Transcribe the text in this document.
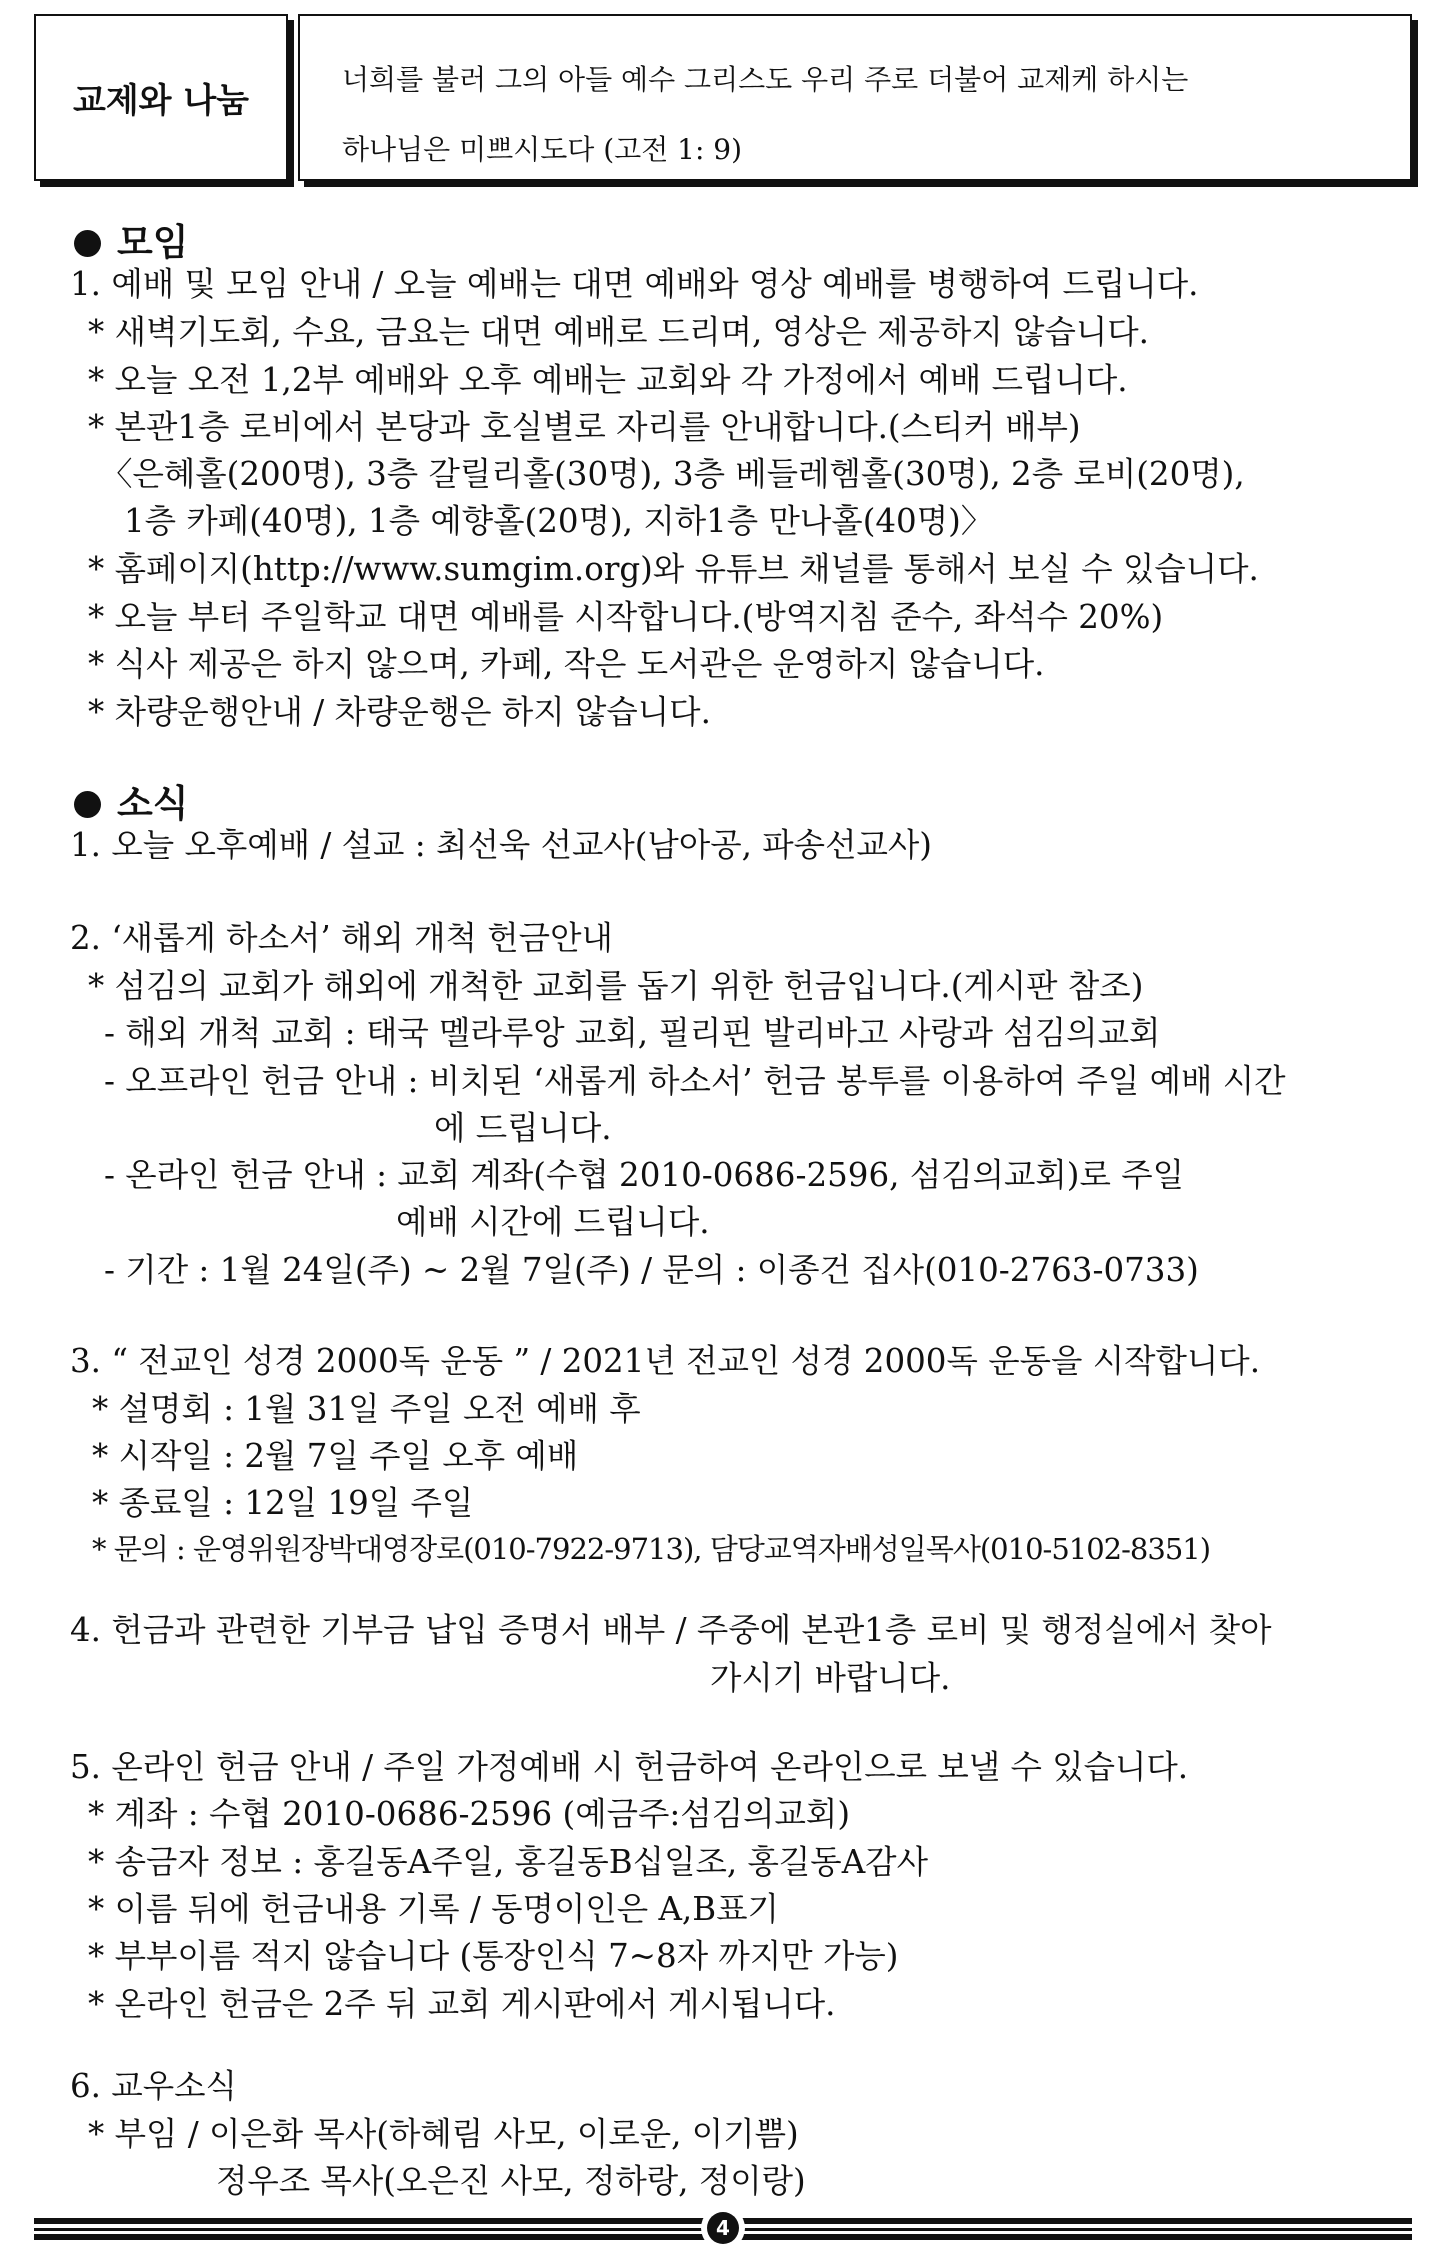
교제와 나눔
너희를 불러 그의 아들 예수 그리스도 우리 주로 더불어 교제케 하시는
하나님은 미쁘시도다 (고전 1: 9)
모임
1. 예배 및 모임 안내 / 오늘 예배는 대면 예배와 영상 예배를 병행하여 드립니다.
* 새벽기도회, 수요, 금요는 대면 예배로 드리며, 영상은 제공하지 않습니다.
* 오늘 오전 1,2부 예배와 오후 예배는 교회와 각 가정에서 예배 드립니다.
* 본관1층 로비에서 본당과 호실별로 자리를 안내합니다.(스티커 배부)
〈은혜홀(200명), 3층 갈릴리홀(30명), 3층 베들레헴홀(30명), 2층 로비(20명),
1층 카페(40명), 1층 예향홀(20명), 지하1층 만나홀(40명)〉
* 홈페이지(http://www.sumgim.org)와 유튜브 채널를 통해서 보실 수 있습니다.
* 오늘 부터 주일학교 대면 예배를 시작합니다.(방역지침 준수, 좌석수 20%)
* 식사 제공은 하지 않으며, 카페, 작은 도서관은 운영하지 않습니다.
* 차량운행안내 / 차량운행은 하지 않습니다.
소식
1. 오늘 오후예배 / 설교 : 최선욱 선교사(남아공, 파송선교사)
2. ‘새롭게 하소서’ 해외 개척 헌금안내
* 섬김의 교회가 해외에 개척한 교회를 돕기 위한 헌금입니다.(게시판 참조)
- 해외 개척 교회 : 태국 멜라루앙 교회, 필리핀 발리바고 사랑과 섬김의교회
- 오프라인 헌금 안내 : 비치된 ‘새롭게 하소서’ 헌금 봉투를 이용하여 주일 예배 시간
에 드립니다.
- 온라인 헌금 안내 : 교회 계좌(수협 2010-0686-2596, 섬김의교회)로 주일
예배 시간에 드립니다.
- 기간 : 1월 24일(주) ~ 2월 7일(주) / 문의 : 이종건 집사(010-2763-0733)
3. “ 전교인 성경 2000독 운동 ” / 2021년 전교인 성경 2000독 운동을 시작합니다.
* 설명회 : 1월 31일 주일 오전 예배 후
* 시작일 : 2월 7일 주일 오후 예배
* 종료일 : 12일 19일 주일
* 문의 : 운영위원장박대영장로(010-7922-9713), 담당교역자배성일목사(010-5102-8351)
4. 헌금과 관련한 기부금 납입 증명서 배부 / 주중에 본관1층 로비 및 행정실에서 찾아
가시기 바랍니다.
5. 온라인 헌금 안내 / 주일 가정예배 시 헌금하여 온라인으로 보낼 수 있습니다.
* 계좌 : 수협 2010-0686-2596 (예금주:섬김의교회)
* 송금자 정보 : 홍길동A주일, 홍길동B십일조, 홍길동A감사
* 이름 뒤에 헌금내용 기록 / 동명이인은 A,B표기
* 부부이름 적지 않습니다 (통장인식 7~8자 까지만 가능)
* 온라인 헌금은 2주 뒤 교회 게시판에서 게시됩니다.
6. 교우소식
* 부임 / 이은화 목사(하혜림 사모, 이로운, 이기쁨)
정우조 목사(오은진 사모, 정하랑, 정이랑)
4
